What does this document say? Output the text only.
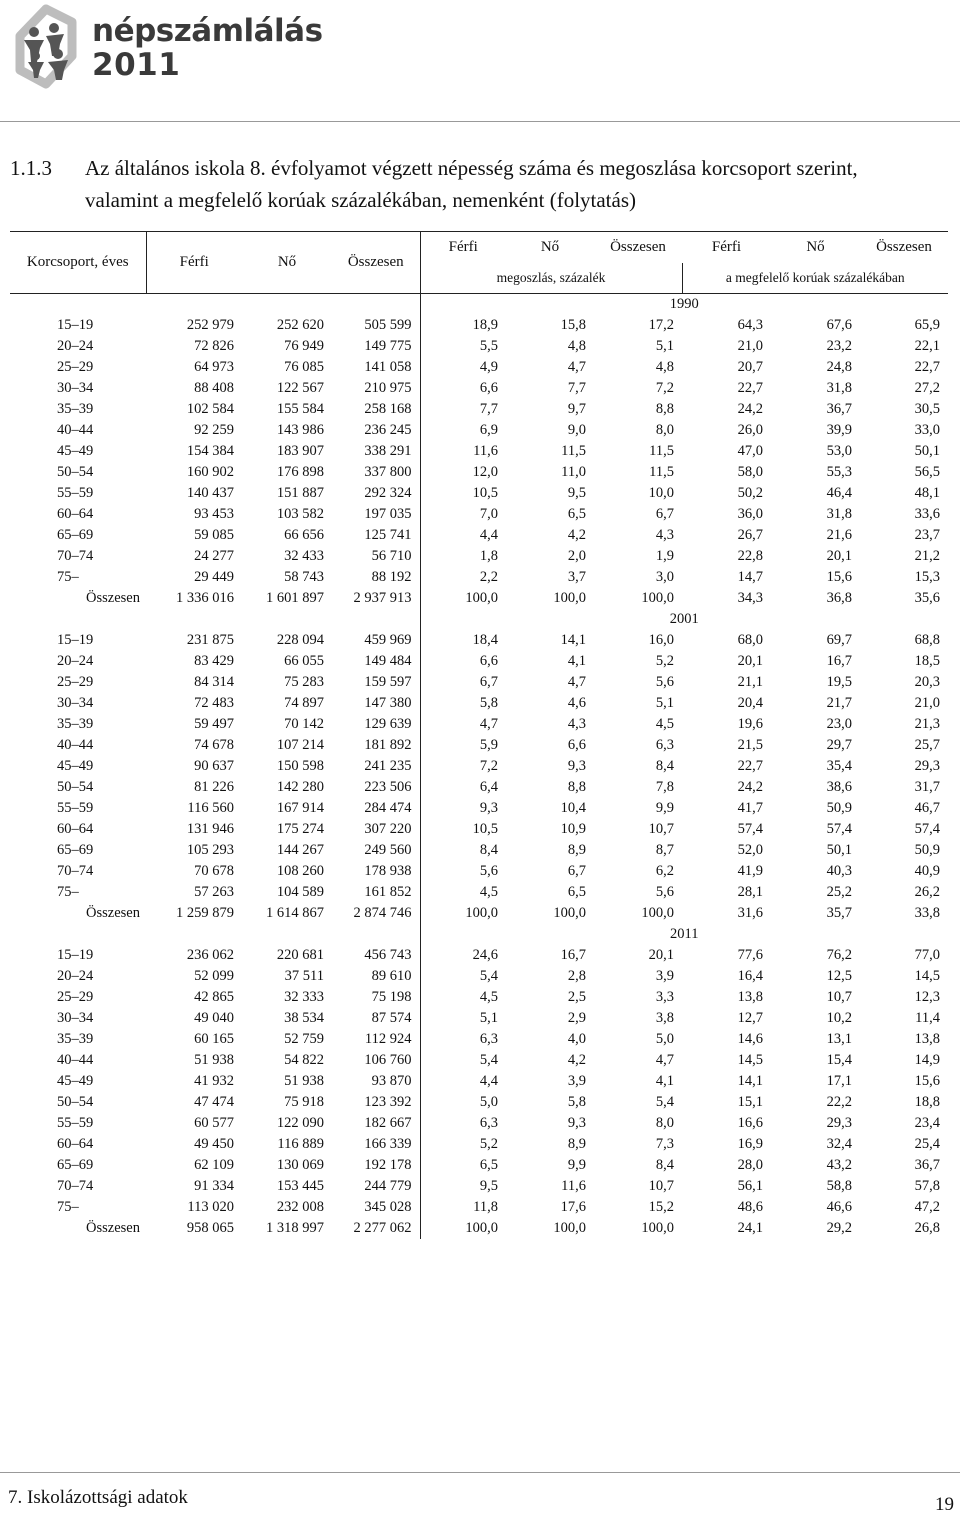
népszámlálás
2011
1.1.3 Az általános iskola 8. évfolyamot végzett népesség száma és megoszlása korcsoport szerint,
valamint a megfelelő korúak százalékában, nemenként (folytatás)
Korcsoport, éves	Férfi	Nő	Összesen	Férfi	Nő	Összesen	Férfi	Nő	Összesen
				megoszlás, százalék			a megfelelő korúak százalékában		
				1990					
15–19	252 979	252 620	505 599	18,9	15,8	17,2	64,3	67,6	65,9
20–24	72 826	76 949	149 775	5,5	4,8	5,1	21,0	23,2	22,1
25–29	64 973	76 085	141 058	4,9	4,7	4,8	20,7	24,8	22,7
30–34	88 408	122 567	210 975	6,6	7,7	7,2	22,7	31,8	27,2
35–39	102 584	155 584	258 168	7,7	9,7	8,8	24,2	36,7	30,5
40–44	92 259	143 986	236 245	6,9	9,0	8,0	26,0	39,9	33,0
45–49	154 384	183 907	338 291	11,6	11,5	11,5	47,0	53,0	50,1
50–54	160 902	176 898	337 800	12,0	11,0	11,5	58,0	55,3	56,5
55–59	140 437	151 887	292 324	10,5	9,5	10,0	50,2	46,4	48,1
60–64	93 453	103 582	197 035	7,0	6,5	6,7	36,0	31,8	33,6
65–69	59 085	66 656	125 741	4,4	4,2	4,3	26,7	21,6	23,7
70–74	24 277	32 433	56 710	1,8	2,0	1,9	22,8	20,1	21,2
75–	29 449	58 743	88 192	2,2	3,7	3,0	14,7	15,6	15,3
Összesen	1 336 016	1 601 897	2 937 913	100,0	100,0	100,0	34,3	36,8	35,6
				2001					
15–19	231 875	228 094	459 969	18,4	14,1	16,0	68,0	69,7	68,8
20–24	83 429	66 055	149 484	6,6	4,1	5,2	20,1	16,7	18,5
25–29	84 314	75 283	159 597	6,7	4,7	5,6	21,1	19,5	20,3
30–34	72 483	74 897	147 380	5,8	4,6	5,1	20,4	21,7	21,0
35–39	59 497	70 142	129 639	4,7	4,3	4,5	19,6	23,0	21,3
40–44	74 678	107 214	181 892	5,9	6,6	6,3	21,5	29,7	25,7
45–49	90 637	150 598	241 235	7,2	9,3	8,4	22,7	35,4	29,3
50–54	81 226	142 280	223 506	6,4	8,8	7,8	24,2	38,6	31,7
55–59	116 560	167 914	284 474	9,3	10,4	9,9	41,7	50,9	46,7
60–64	131 946	175 274	307 220	10,5	10,9	10,7	57,4	57,4	57,4
65–69	105 293	144 267	249 560	8,4	8,9	8,7	52,0	50,1	50,9
70–74	70 678	108 260	178 938	5,6	6,7	6,2	41,9	40,3	40,9
75–	57 263	104 589	161 852	4,5	6,5	5,6	28,1	25,2	26,2
Összesen	1 259 879	1 614 867	2 874 746	100,0	100,0	100,0	31,6	35,7	33,8
				2011					
15–19	236 062	220 681	456 743	24,6	16,7	20,1	77,6	76,2	77,0
20–24	52 099	37 511	89 610	5,4	2,8	3,9	16,4	12,5	14,5
25–29	42 865	32 333	75 198	4,5	2,5	3,3	13,8	10,7	12,3
30–34	49 040	38 534	87 574	5,1	2,9	3,8	12,7	10,2	11,4
35–39	60 165	52 759	112 924	6,3	4,0	5,0	14,6	13,1	13,8
40–44	51 938	54 822	106 760	5,4	4,2	4,7	14,5	15,4	14,9
45–49	41 932	51 938	93 870	4,4	3,9	4,1	14,1	17,1	15,6
50–54	47 474	75 918	123 392	5,0	5,8	5,4	15,1	22,2	18,8
55–59	60 577	122 090	182 667	6,3	9,3	8,0	16,6	29,3	23,4
60–64	49 450	116 889	166 339	5,2	8,9	7,3	16,9	32,4	25,4
65–69	62 109	130 069	192 178	6,5	9,9	8,4	28,0	43,2	36,7
70–74	91 334	153 445	244 779	9,5	11,6	10,7	56,1	58,8	57,8
75–	113 020	232 008	345 028	11,8	17,6	15,2	48,6	46,6	47,2
Összesen	958 065	1 318 997	2 277 062	100,0	100,0	100,0	24,1	29,2	26,8
7. Iskolázottsági adatok	19
